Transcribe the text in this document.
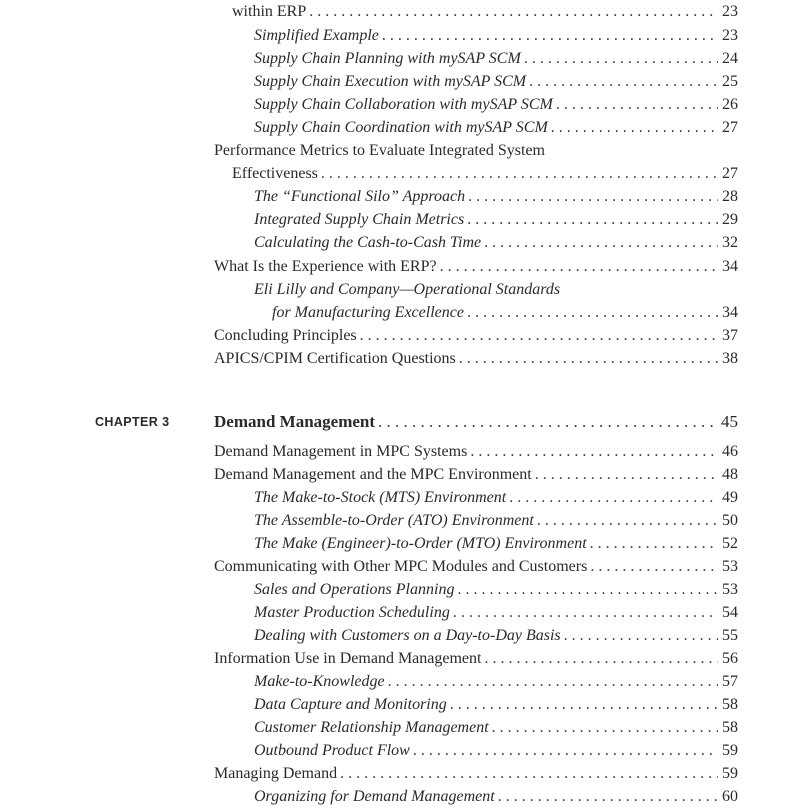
within ERP . . .	23
Simplified Example . . .	23
Supply Chain Planning with mySAP SCM . . .	24
Supply Chain Execution with mySAP SCM . . .	25
Supply Chain Collaboration with mySAP SCM . . .	26
Supply Chain Coordination with mySAP SCM . . .	27
Performance Metrics to Evaluate Integrated System
Effectiveness . . .	27
The “Functional Silo” Approach . . .	28
Integrated Supply Chain Metrics . . .	29
Calculating the Cash-to-Cash Time . . .	32
What Is the Experience with ERP? . . .	34
Eli Lilly and Company—Operational Standards
for Manufacturing Excellence . . .	34
Concluding Principles . . .	37
APICS/CPIM Certification Questions . . .	38
CHAPTER 3	Demand Management . . .	45
Demand Management in MPC Systems . . .	46
Demand Management and the MPC Environment . . .	48
The Make-to-Stock (MTS) Environment . . .	49
The Assemble-to-Order (ATO) Environment . . .	50
The Make (Engineer)-to-Order (MTO) Environment . . .	52
Communicating with Other MPC Modules and Customers . . .	53
Sales and Operations Planning . . .	53
Master Production Scheduling . . .	54
Dealing with Customers on a Day-to-Day Basis . . .	55
Information Use in Demand Management . . .	56
Make-to-Knowledge . . .	57
Data Capture and Monitoring . . .	58
Customer Relationship Management . . .	58
Outbound Product Flow . . .	59
Managing Demand . . .	59
Organizing for Demand Management . . .	60
